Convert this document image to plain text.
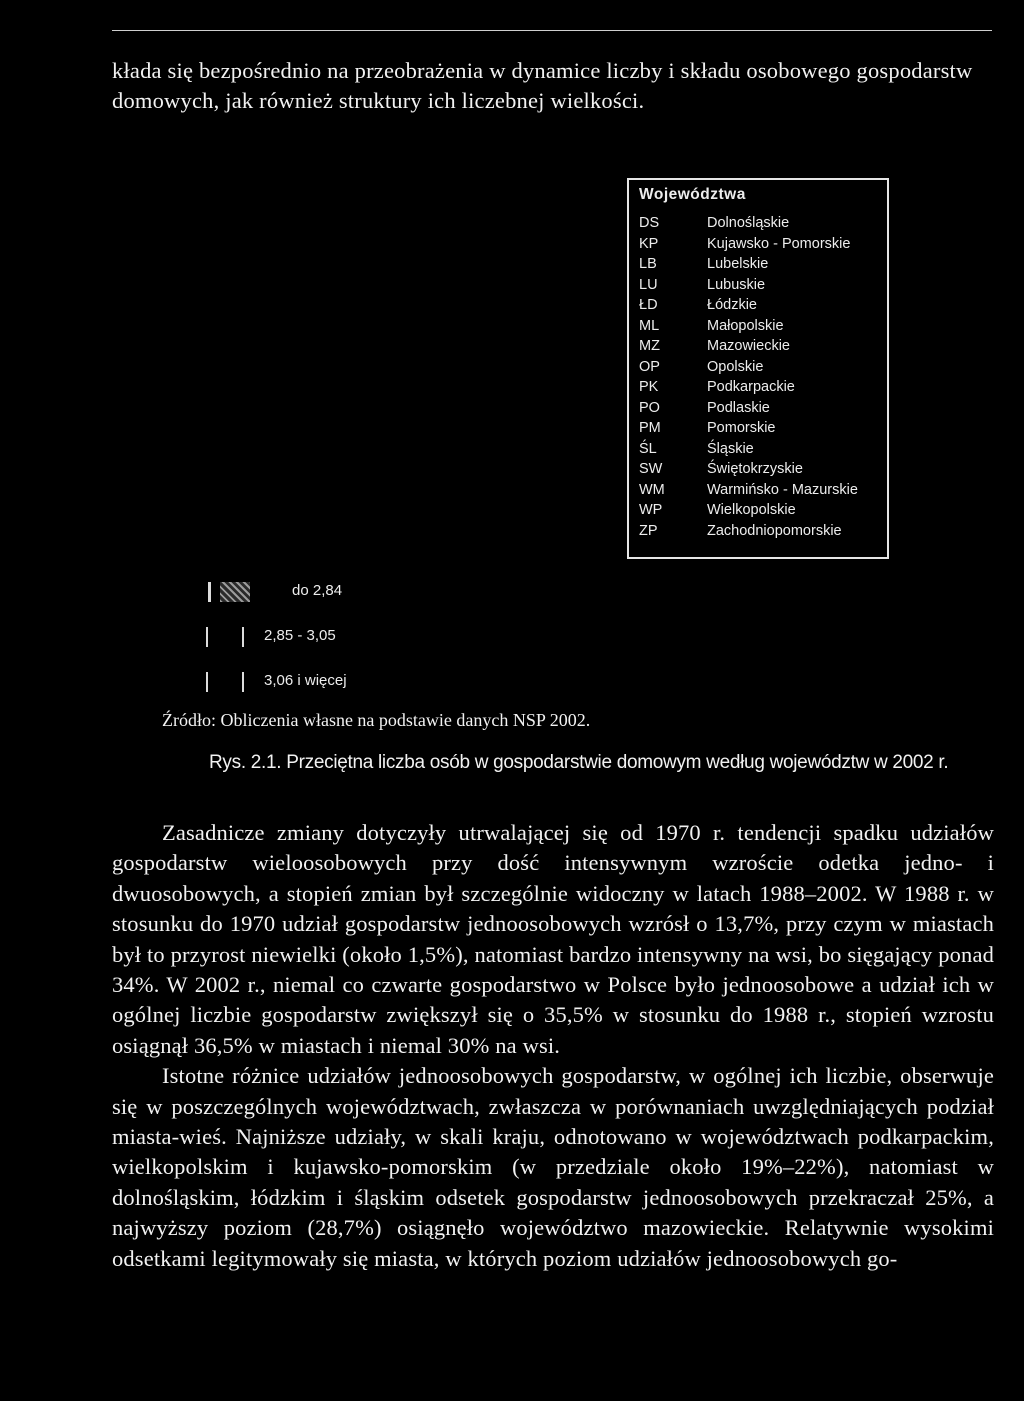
kłada się bezpośrednio na przeobrażenia w dynamice liczby i składu osobowego gospodarstw domowych, jak również struktury ich liczebnej wielkości.

Województwa
DS	Dolnośląskie
KP	Kujawsko - Pomorskie
LB	Lubelskie
LU	Lubuskie
ŁD	Łódzkie
ML	Małopolskie
MZ	Mazowieckie
OP	Opolskie
PK	Podkarpackie
PO	Podlaskie
PM	Pomorskie
ŚL	Śląskie
SW	Świętokrzyskie
WM	Warmińsko - Mazurskie
WP	Wielkopolskie
ZP	Zachodniopomorskie
do 2,84
2,85 - 3,05
3,06 i więcej
Źródło: Obliczenia własne na podstawie danych NSP 2002.
Rys. 2.1. Przeciętna liczba osób w gospodarstwie domowym według województw w 2002 r.

Zasadnicze zmiany dotyczyły utrwalającej się od 1970 r. tendencji spadku udziałów gospodarstw wieloosobowych przy dość intensywnym wzroście odetka jedno- i dwuosobowych, a stopień zmian był szczególnie widoczny w latach 1988–2002. W 1988 r. w stosunku do 1970 udział gospodarstw jednoosobowych wzrósł o 13,7%, przy czym w miastach był to przyrost niewielki (około 1,5%), natomiast bardzo intensywny na wsi, bo sięgający ponad 34%. W 2002 r., niemal co czwarte gospodarstwo w Polsce było jednoosobowe a udział ich w ogólnej liczbie gospodarstw zwiększył się o 35,5% w stosunku do 1988 r., stopień wzrostu osiągnął 36,5% w miastach i niemal 30% na wsi.

Istotne różnice udziałów jednoosobowych gospodarstw, w ogólnej ich liczbie, obserwuje się w poszczególnych województwach, zwłaszcza w porównaniach uwzględniających podział miasta-wieś. Najniższe udziały, w skali kraju, odnotowano w województwach podkarpackim, wielkopolskim i kujawsko-pomorskim (w przedziale około 19%–22%), natomiast w dolnośląskim, łódzkim i śląskim odsetek gospodarstw jednoosobowych przekraczał 25%, a najwyższy poziom (28,7%) osiągnęło województwo mazowieckie. Relatywnie wysokimi odsetkami legitymowały się miasta, w których poziom udziałów jednoosobowych go-
